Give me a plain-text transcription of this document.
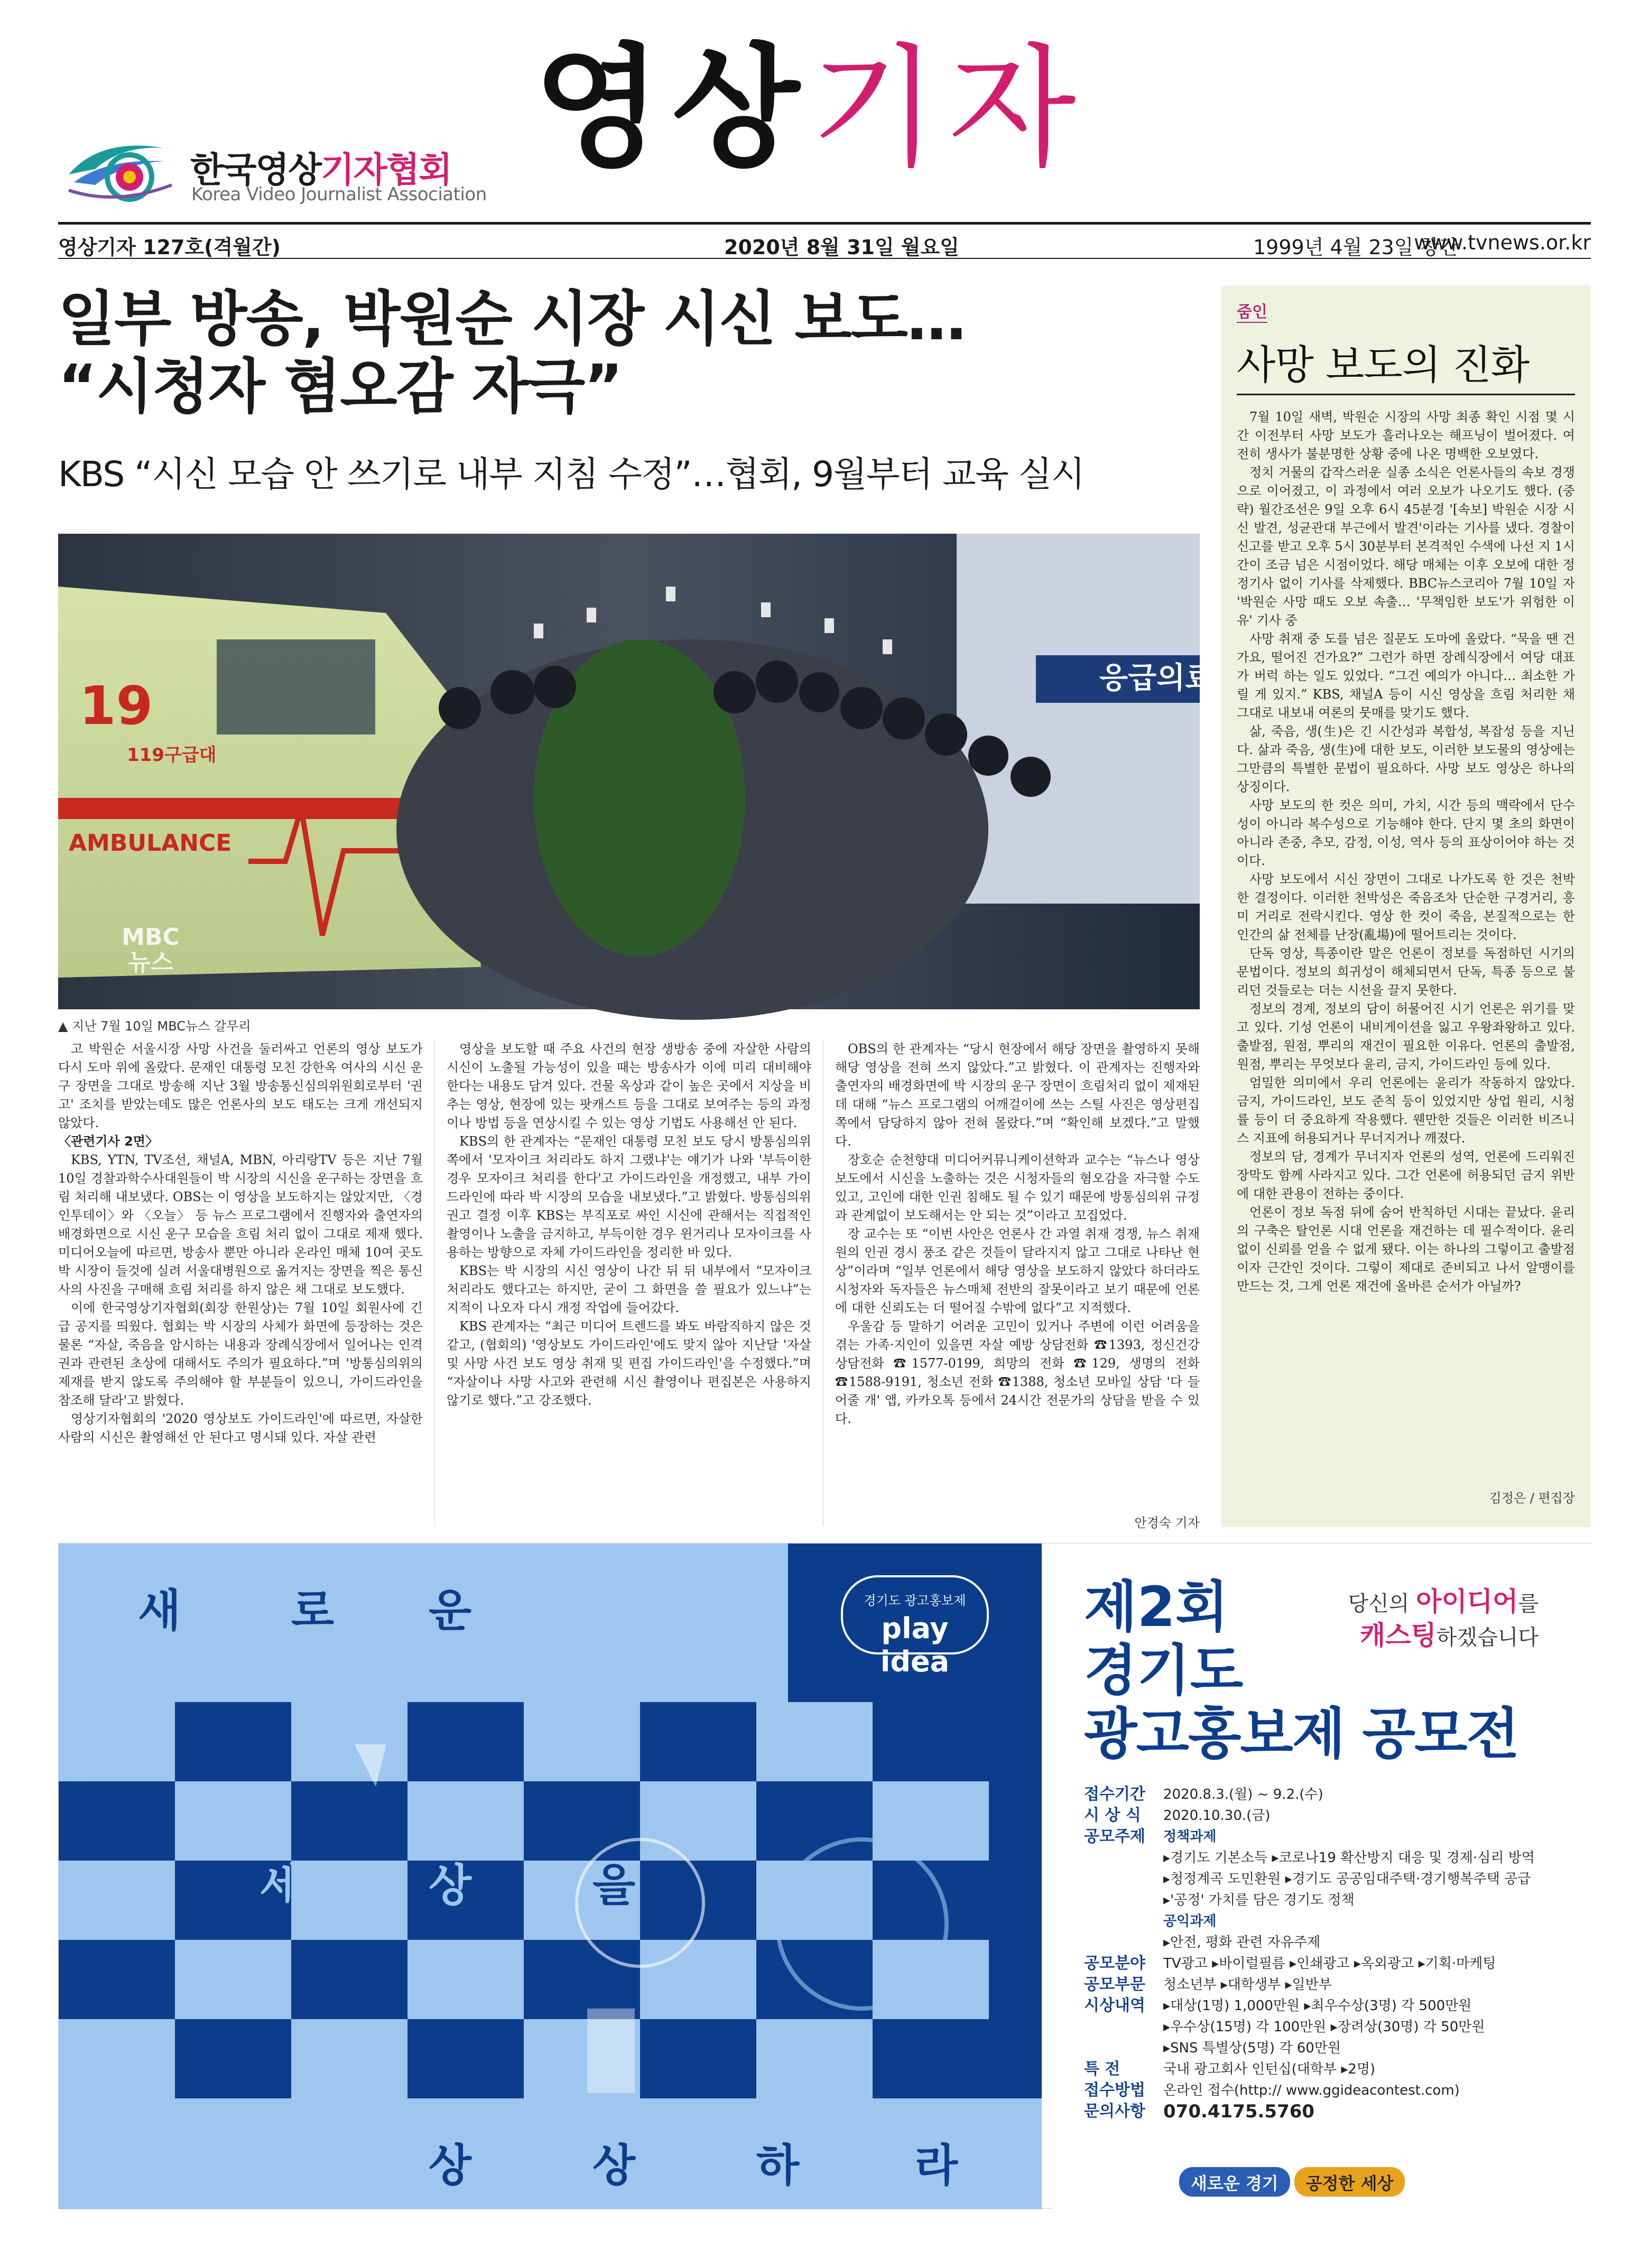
한국영상기자협회
Korea Video Journalist Association
영상기자
영상기자 127호(격월간)	2020년 8월 31일 월요일	1999년 4월 23일 창간
www.tvnews.or.kr
일부 방송, 박원순 시장 시신 보도…
“시청자 혐오감 자극”
KBS “시신 모습 안 쓰기로 내부 지침 수정”…협회, 9월부터 교육 실시
응급의료
AMBULANCE
19
119구급대
MBC
뉴스
▲ 지난 7월 10일 MBC뉴스 갈무리

고 박원순 서울시장 사망 사건을 둘러싸고 언론의 영상 보도가 다시 도마 위에 올랐다. 문재인 대통령 모친 강한옥 여사의 시신 운구 장면을 그대로 방송해 지난 3월 방송통신심의위원회로부터 '권고' 조치를 받았는데도 많은 언론사의 보도 태도는 크게 개선되지 않았다.

〈관련기사 2면〉

KBS, YTN, TV조선, 채널A, MBN, 아리랑TV 등은 지난 7월 10일 경찰과학수사대원들이 박 시장의 시신을 운구하는 장면을 흐림 처리해 내보냈다. OBS는 이 영상을 보도하지는 않았지만, 〈경인투데이〉와 〈오늘〉 등 뉴스 프로그램에서 진행자와 출연자의 배경화면으로 시신 운구 모습을 흐림 처리 없이 그대로 제재 했다. 미디어오늘에 따르면, 방송사 뿐만 아니라 온라인 매체 10여 곳도 박 시장이 들것에 실려 서울대병원으로 옮겨지는 장면을 찍은 통신사의 사진을 구매해 흐림 처리를 하지 않은 채 그대로 보도했다.

이에 한국영상기자협회(회장 한원상)는 7월 10일 회원사에 긴급 공지를 띄웠다. 협회는 박 시장의 사체가 화면에 등장하는 것은 물론 “자살, 죽음을 암시하는 내용과 장례식장에서 일어나는 인격권과 관련된 초상에 대해서도 주의가 필요하다.”며 '방통심의위의 제재를 받지 않도록 주의해야 할 부분들이 있으니, 가이드라인을 참조해 달라'고 밝혔다.

영상기자협회의 '2020 영상보도 가이드라인'에 따르면, 자살한 사람의 시신은 촬영해선 안 된다고 명시돼 있다. 자살 관련

영상을 보도할 때 주요 사건의 현장 생방송 중에 자살한 사람의 시신이 노출될 가능성이 있을 때는 방송사가 이에 미리 대비해야 한다는 내용도 담겨 있다. 건물 옥상과 같이 높은 곳에서 지상을 비추는 영상, 현장에 있는 팟캐스트 등을 그대로 보여주는 등의 과정이나 방법 등을 연상시킬 수 있는 영상 기법도 사용해선 안 된다.

KBS의 한 관계자는 “문재인 대통령 모친 보도 당시 방통심의위 쪽에서 '모자이크 처리라도 하지 그랬냐'는 얘기가 나와 '부득이한 경우 모자이크 처리를 한다'고 가이드라인을 개정했고, 내부 가이드라인에 따라 박 시장의 모습을 내보냈다.”고 밝혔다. 방통심의위 권고 결정 이후 KBS는 부직포로 싸인 시신에 관해서는 직접적인 촬영이나 노출을 금지하고, 부득이한 경우 윈거리나 모자이크를 사용하는 방향으로 자체 가이드라인을 정리한 바 있다.

KBS는 박 시장의 시신 영상이 나간 뒤 뒤 내부에서 “모자이크 처리라도 했다고는 하지만, 굳이 그 화면을 쓸 필요가 있느냐”는 지적이 나오자 다시 개정 작업에 들어갔다.

KBS 관계자는 “최근 미디어 트렌드를 봐도 바람직하지 않은 것 같고, (협회의) '영상보도 가이드라인'에도 맞지 않아 지난달 '자살 및 사망 사건 보도 영상 취재 및 편집 가이드라인'을 수정했다.”며 “자살이나 사망 사고와 관련해 시신 촬영이나 편집본은 사용하지 않기로 했다.”고 강조했다.

OBS의 한 관계자는 “당시 현장에서 해당 장면을 촬영하지 못해 해당 영상을 전혀 쓰지 않았다.”고 밝혔다. 이 관계자는 진행자와 출연자의 배경화면에 박 시장의 운구 장면이 흐림처리 없이 제재된 데 대해 “뉴스 프로그램의 어깨걸이에 쓰는 스틸 사진은 영상편집 쪽에서 담당하지 않아 전혀 몰랐다.”며 “확인해 보겠다.”고 말했다.

장호순 순천향대 미디어커뮤니케이션학과 교수는 “뉴스나 영상 보도에서 시신을 노출하는 것은 시청자들의 혐오감을 자극할 수도 있고, 고인에 대한 인권 침해도 될 수 있기 때문에 방통심의위 규정과 관계없이 보도해서는 안 되는 것”이라고 꼬집었다.

장 교수는 또 “이번 사안은 언론사 간 과열 취재 경쟁, 뉴스 취재원의 인권 경시 풍조 같은 것들이 달라지지 않고 그대로 나타난 현상”이라며 “일부 언론에서 해당 영상을 보도하지 않았다 하더라도 시청자와 독자들은 뉴스매체 전반의 잘못이라고 보기 때문에 언론에 대한 신뢰도는 더 떨어질 수밖에 없다”고 지적했다.

우울감 등 말하기 어려운 고민이 있거나 주변에 이런 어려움을 겪는 가족·지인이 있을면 자살 예방 상담전화 ☎1393, 정신건강 상담전화 ☎1577-0199, 희망의 전화 ☎129, 생명의 전화 ☎1588-9191, 청소년 전화 ☎1388, 청소년 모바일 상담 '다 들어줄 개' 앱, 카카오톡 등에서 24시간 전문가의 상담을 받을 수 있다.

안경숙 기자
줌인
사망 보도의 진화

7월 10일 새벽, 박원순 시장의 사망 최종 확인 시점 몇 시간 이전부터 사망 보도가 흘러나오는 해프닝이 벌어졌다. 여전히 생사가 불분명한 상황 중에 나온 명백한 오보였다.

정치 거물의 갑작스러운 실종 소식은 언론사들의 속보 경쟁으로 이어졌고, 이 과정에서 여러 오보가 나오기도 했다. (중략) 월간조선은 9일 오후 6시 45분경 '[속보] 박원순 시장 시신 발견, 성균관대 부근에서 발견'이라는 기사를 냈다. 경찰이 신고를 받고 오후 5시 30분부터 본격적인 수색에 나선 지 1시간이 조금 넘은 시점이었다. 해당 매체는 이후 오보에 대한 정정기사 없이 기사를 삭제했다. BBC뉴스코리아 7월 10일 자 '박원순 사망 때도 오보 속출… '무책임한 보도'가 위험한 이유' 기사 중

사망 취재 중 도를 넘은 질문도 도마에 올랐다. “묵을 땐 건가요, 떨어진 건가요?” 그런가 하면 장례식장에서 여당 대표가 버럭 하는 일도 있었다. “그건 예의가 아니다… 최소한 가릴 게 있지.” KBS, 채널A 등이 시신 영상을 흐림 처리한 채 그대로 내보내 여론의 뭇매를 맞기도 했다.

삶, 죽음, 생(生)은 긴 시간성과 복합성, 복잡성 등을 지닌다. 삶과 죽음, 생(生)에 대한 보도, 이러한 보도물의 영상에는 그만큼의 특별한 문법이 필요하다. 사망 보도 영상은 하나의 상징이다.

사망 보도의 한 컷은 의미, 가치, 시간 등의 맥락에서 단수성이 아니라 복수성으로 기능해야 한다. 단지 몇 초의 화면이 아니라 존중, 추모, 감정, 이성, 역사 등의 표상이어야 하는 것이다.

사망 보도에서 시신 장면이 그대로 나가도록 한 것은 천박한 결정이다. 이러한 천박성은 죽음조차 단순한 구경거리, 흥미 거리로 전락시킨다. 영상 한 컷이 죽음, 본질적으로는 한 인간의 삶 전체를 난장(亂場)에 떨어트리는 것이다.

단독 영상, 특종이란 말은 언론이 정보를 독점하던 시기의 문법이다. 정보의 희귀성이 해체되면서 단독, 특종 등으로 불리던 것들로는 더는 시선을 끌지 못한다.

정보의 경계, 정보의 담이 허물어진 시기 언론은 위기를 맞고 있다. 기성 언론이 내비게이션을 잃고 우왕좌왕하고 있다. 출발점, 원점, 뿌리의 재건이 필요한 이유다. 언론의 출발점, 원점, 뿌리는 무엇보다 윤리, 금지, 가이드라인 등에 있다.

엄밀한 의미에서 우리 언론에는 윤리가 작동하지 않았다. 금지, 가이드라인, 보도 준칙 등이 있었지만 상업 원리, 시청률 등이 더 중요하게 작용했다. 웬만한 것들은 이러한 비즈니스 지표에 허용되거나 무너지거나 깨졌다.

정보의 담, 경계가 무너지자 언론의 성역, 언론에 드리워진 장막도 함께 사라지고 있다. 그간 언론에 허용되던 금지 위반에 대한 관용이 전하는 중이다.

언론이 정보 독점 뒤에 숨어 반칙하던 시대는 끝났다. 윤리의 구축은 탈언론 시대 언론을 재건하는 데 필수적이다. 윤리 없이 신뢰를 얻을 수 없게 됐다. 이는 하나의 그렇이고 출발점이자 근간인 것이다. 그렇이 제대로 준비되고 나서 알맹이를 만드는 것, 그게 언론 재건에 올바른 순서가 아닐까?

김정은 / 편집장
새 로 운
세	상	을
상	상	하	라
경기도 광고홍보제
play idea
당신의 아이디어를
캐스팅하겠습니다
제2회
경기도
광고홍보제 공모전
접수기간	2020.8.3.(월) ~ 9.2.(수)
시 상 식	2020.10.30.(금)
공모주제	정책과제
▸경기도 기본소득 ▸코로나19 확산방지 대응 및 경제·심리 방역
▸청정계곡 도민환원 ▸경기도 공공임대주택·경기행복주택 공급
▸'공정' 가치를 담은 경기도 정책
공익과제
▸안전, 평화 관련 자유주제
공모분야	TV광고 ▸바이럴필름 ▸인쇄광고 ▸옥외광고 ▸기획·마케팅
공모부문	청소년부 ▸대학생부 ▸일반부
시상내역	▸대상(1명) 1,000만원 ▸최우수상(3명) 각 500만원
▸우수상(15명) 각 100만원 ▸장려상(30명) 각 50만원
▸SNS 특별상(5명) 각 60만원
특 전	국내 광고회사 인턴십(대학부 ▸2명)
접수방법	온라인 접수(http:// www.ggideacontest.com)
문의사항	070.4175.5760
새로운 경기	공정한 세상
